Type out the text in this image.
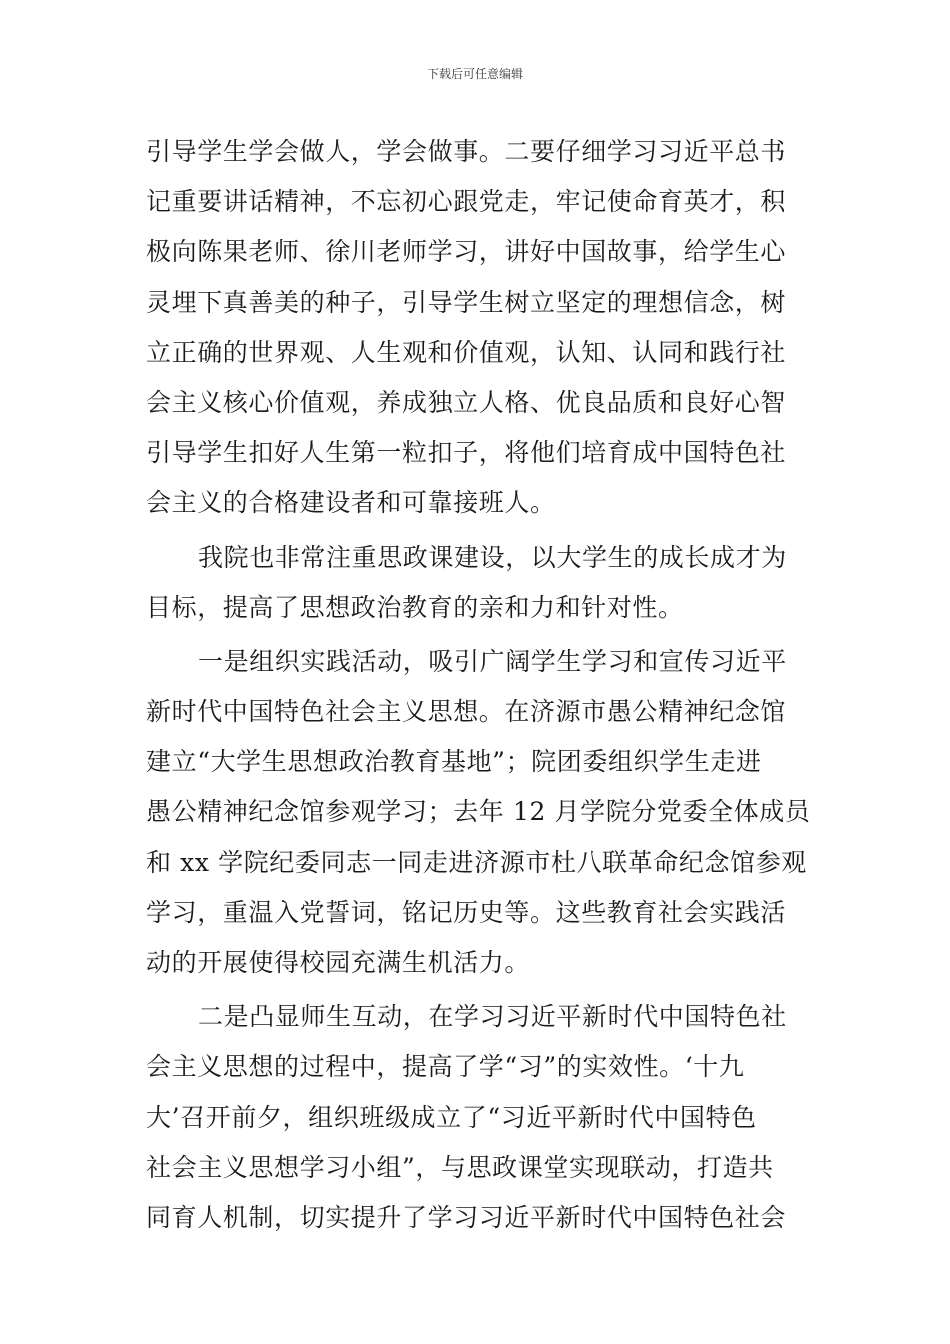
下载后可任意编辑
引导学生学会做人，学会做事。二要仔细学习习近平总书
记重要讲话精神，不忘初心跟党走，牢记使命育英才，积
极向陈果老师、徐川老师学习，讲好中国故事，给学生心
灵埋下真善美的种子，引导学生树立坚定的理想信念，树
立正确的世界观、人生观和价值观，认知、认同和践行社
会主义核心价值观，养成独立人格、优良品质和良好心智
引导学生扣好人生第一粒扣子，将他们培育成中国特色社
会主义的合格建设者和可靠接班人。
我院也非常注重思政课建设，以大学生的成长成才为
目标，提高了思想政治教育的亲和力和针对性。
一是组织实践活动，吸引广阔学生学习和宣传习近平
新时代中国特色社会主义思想。在济源市愚公精神纪念馆
建立“大学生思想政治教育基地”；院团委组织学生走进
愚公精神纪念馆参观学习；去年 12 月学院分党委全体成员
和 xx 学院纪委同志一同走进济源市杜八联革命纪念馆参观
学习，重温入党誓词，铭记历史等。这些教育社会实践活
动的开展使得校园充满生机活力。
二是凸显师生互动，在学习习近平新时代中国特色社
会主义思想的过程中，提高了学“习”的实效性。‘十九
大’召开前夕，组织班级成立了“习近平新时代中国特色
社会主义思想学习小组”，与思政课堂实现联动，打造共
同育人机制，切实提升了学习习近平新时代中国特色社会
